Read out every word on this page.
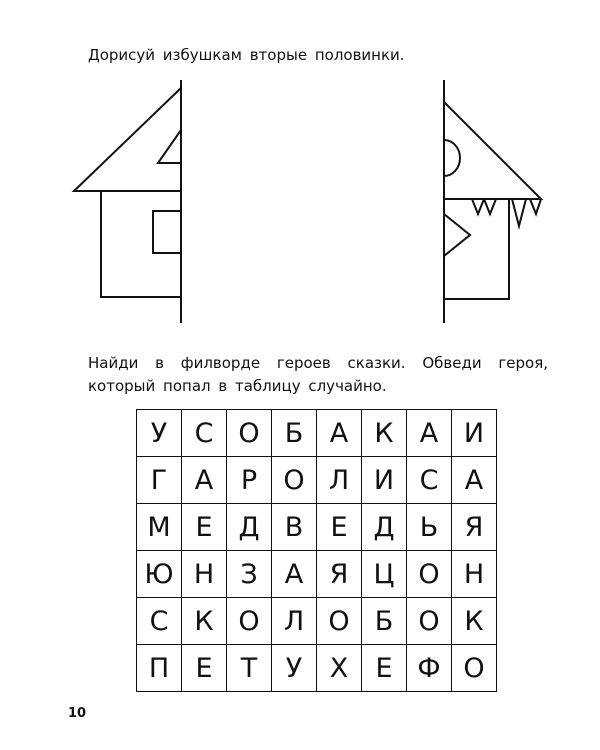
Дорисуй избушкам вторые половинки.

Найди в филворде героев сказки. Обведи героя, который попал в таблицу случайно.

У	С	О	Б	А	К	А	И
Г	А	Р	О	Л	И	С	А
М	Е	Д	В	Е	Д	Ь	Я
Ю	Н	З	А	Я	Ц	О	Н
С	К	О	Л	О	Б	О	К
П	Е	Т	У	Х	Е	Ф	О
10
